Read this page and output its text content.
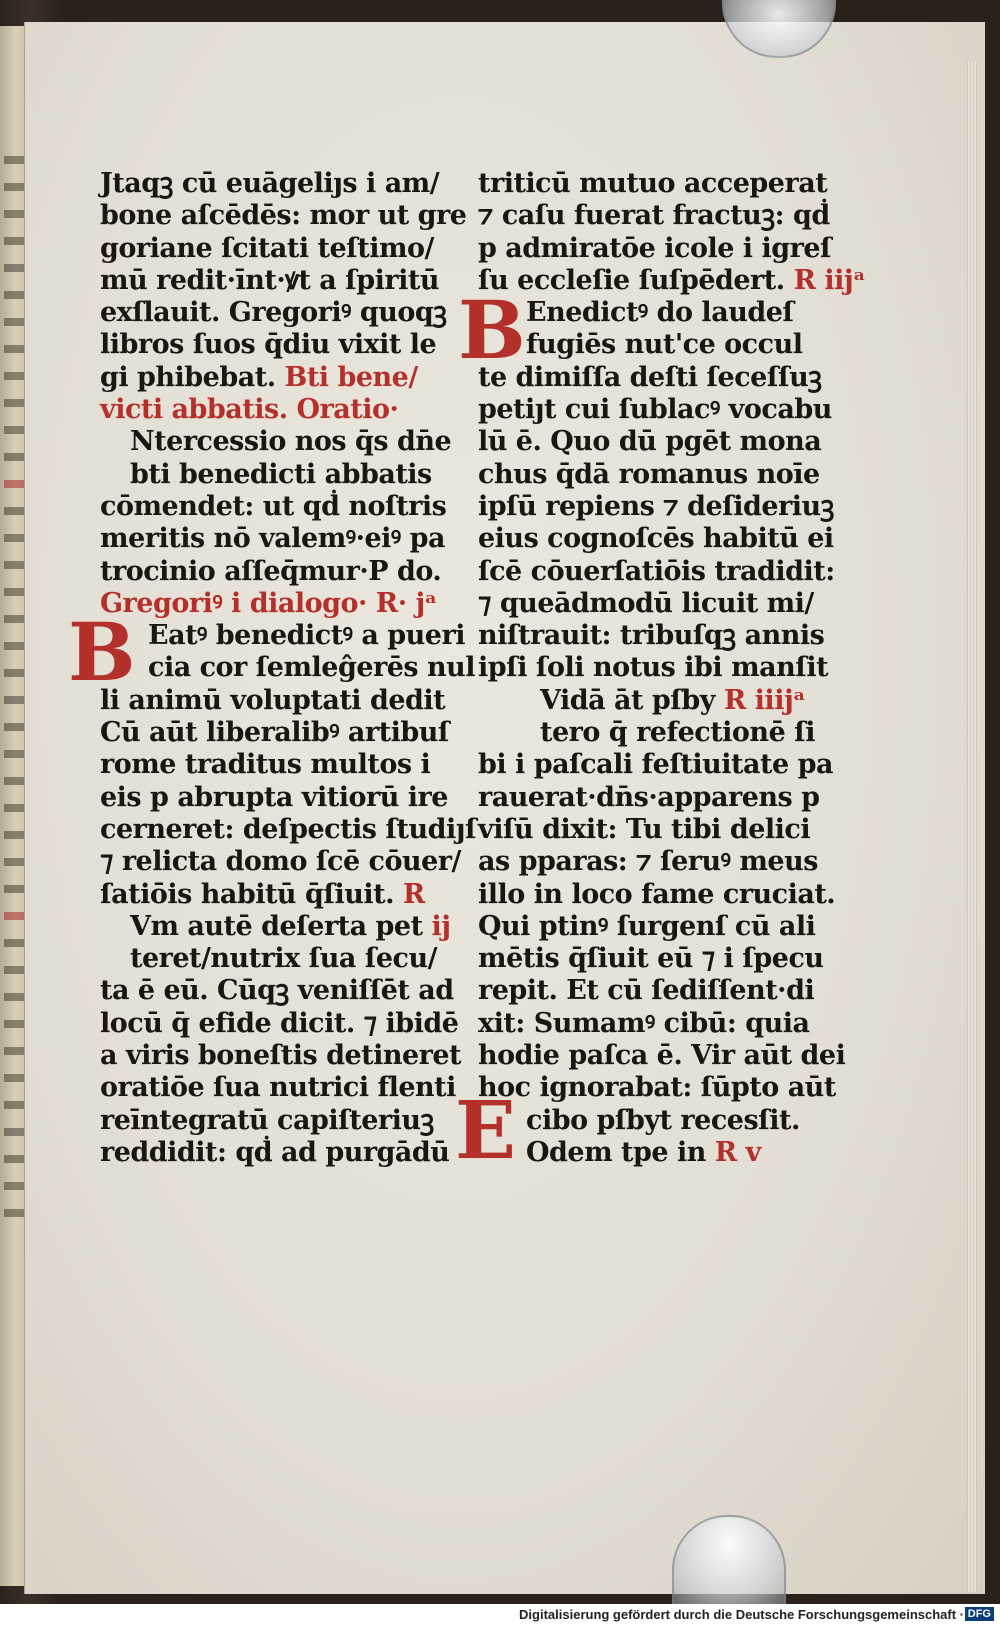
Jtaqꝫ cū euāgeliȷs i am/
bone aſcēdēs: mor ut gre
goriane ſcitati teſtimo/
mū redit·īnt·ꝟt a ſpiritū
exſlauit. Gregoriꝰ quoqꝫ
libros ſuos q̄diu vixit le
gi phibebat. Bti bene/
victi abbatis. Oratio·
Ntercessio nos q̄s dn̄e
bti benedicti abbatis
cōmendet: ut qḋ noſtris
meritis nō valemꝰ·eiꝰ pa
trocinio aſſeq̄mur·P do.
Gregoriꝰ i dialogo· R· jᵃ
Eatꝰ benedictꝰ a pueri
cia cor ſemleĝerēs nul
li animū voluptati dedit
Cū aūt liberalibꝰ artibuſ
rome traditus multos i
eis p abrupta vitiorū ire
cerneret: deſpectis ſtudiȷſ
⁊ relicta domo ſcē cōuer/
ſatiōis habitū q̄ſiuit. R
Vm autē deſerta pet ij
teret/nutrix ſua ſecu/
ta ē eū. Cūqꝫ veniſſēt ad
locū q̄ efide dicit. ⁊ ibidē
a viris boneſtis detineret
oratiōe ſua nutrici flenti
reīntegratū capiſteriuꝫ
reddidit: qḋ ad purgādū
B
triticū mutuo acceperat
⁊ caſu fuerat fractuꝫ: qḋ
p admiratōe icole i igreſ
ſu eccleſie ſuſpēdert. R iijᵃ
Enedictꝰ do laudeſ
fugiēs nut'ce occul
te dimiſſa deſti ſeceſſuꝫ
petiȷt cui ſublacꝰ vocabu
lū ē. Quo dū pgēt mona
chus q̄dā romanus noīe
ipſū repiens ⁊ deſideriuꝫ
eius cognoſcēs habitū ei
ſcē cōuerſatiōis tradidit:
⁊ queādmodū licuit mi/
niſtrauit: tribuſqꝫ annis
ipſi ſoli notus ibi manſit
Vidā āt pſby R iiijᵃ
tero q̄ refectionē ſi
bi i paſcali feſtiuitate pa
rauerat·dn̄s·apparens p
viſū dixit: Tu tibi delici
as pparas: ⁊ ſeruꝰ meus
illo in loco fame cruciat.
Qui ptinꝰ ſurgenſ cū ali
mētis q̄ſiuit eū ⁊ i ſpecu
repit. Et cū ſediſſent·di
xit: Sumamꝰ cibū: quia
hodie paſca ē. Vir aūt dei
hoc ignorabat: ſūpto aūt
cibo pſbyt recesſit.
Odem tpe in R v
B
E
Digitalisierung gefördert durch die Deutsche Forschungsgemeinschaft · DFG
